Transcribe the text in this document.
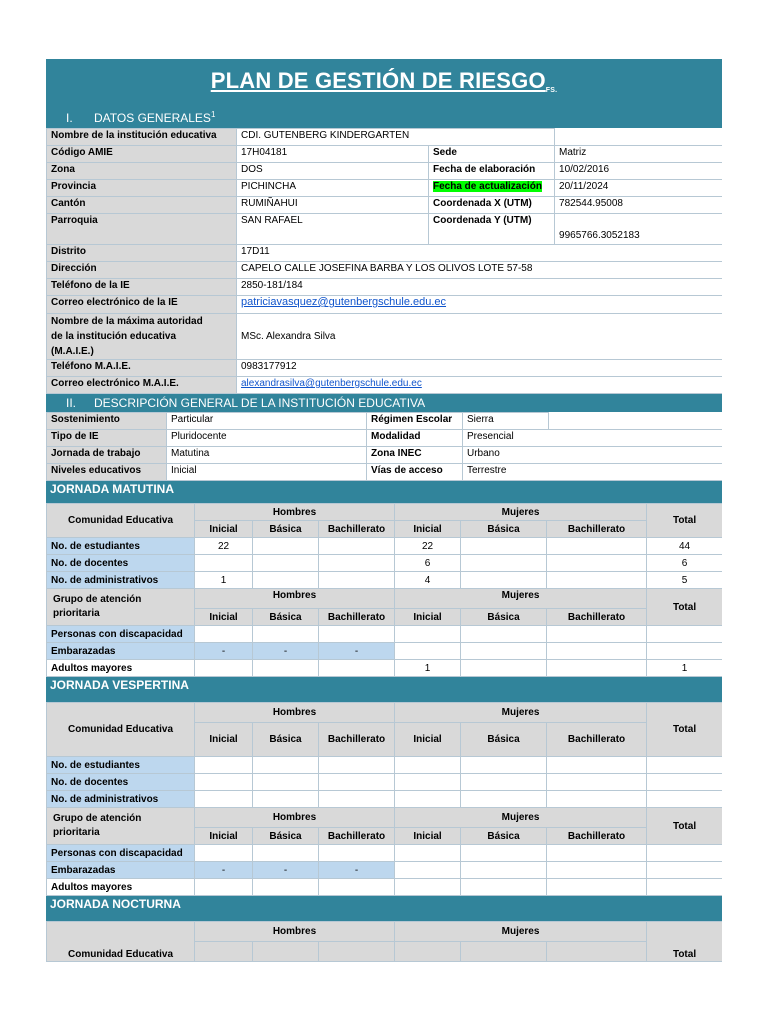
PLAN DE GESTIÓN DE RIESGOFS.
I. DATOS GENERALES$^1$
Nombre de la institución educativa	CDI. GUTENBERG KINDERGARTEN		
Código AMIE	17H04181	Sede	Matriz
Zona	DOS	Fecha de elaboración	10/02/2016
Provincia	PICHINCHA	Fecha de actualización	20/11/2024
Cantón	RUMIÑAHUI	Coordenada X (UTM)	782544.95008
Parroquia	SAN RAFAEL	Coordenada Y (UTM)	9965766.3052183
Distrito	17D11		
Dirección	CAPELO CALLE JOSEFINA BARBA Y LOS OLIVOS LOTE 57-58		
Teléfono de la IE	2850-181/184		
Correo electrónico de la IE	patriciavasquez@gutenbergschule.edu.ec		

Nombre de la máxima autoridad
de la institución educativa
(M.A.I.E.)	MSc. Alexandra Silva		
Teléfono M.A.I.E.	0983177912		
Correo electrónico M.A.I.E.	alexandrasilva@gutenbergschule.edu.ec		
II. DESCRIPCIÓN GENERAL DE LA INSTITUCIÓN EDUCATIVA
Sostenimiento	Particular	Régimen Escolar	Sierra	
Tipo de IE	Pluridocente	Modalidad	Presencial	
Jornada de trabajo	Matutina	Zona INEC	Urbano	
Niveles educativos	Inicial	Vías de acceso	Terrestre	
JORNADA MATUTINA
Comunidad Educativa	Hombres			Mujeres			Total
	Inicial	Básica	Bachillerato	Inicial	Básica	Bachillerato	
No. de estudiantes	22			22			44
No. de docentes				6			6
No. de administrativos	1			4			5

Grupo de atención
prioritaria	Hombres			Mujeres			Total
	Inicial	Básica	Bachillerato	Inicial	Básica	Bachillerato	
Personas con discapacidad							
Embarazadas	-	-	-				
Adultos mayores				1			1
JORNADA VESPERTINA
Comunidad Educativa	Hombres			Mujeres			Total
	Inicial	Básica	Bachillerato	Inicial	Básica	Bachillerato	
No. de estudiantes							
No. de docentes							
No. de administrativos							

Grupo de atención
prioritaria	Hombres			Mujeres			Total
	Inicial	Básica	Bachillerato	Inicial	Básica	Bachillerato	
Personas con discapacidad							
Embarazadas	-	-	-				
Adultos mayores							
JORNADA NOCTURNA
Comunidad Educativa	Hombres			Mujeres			Total
